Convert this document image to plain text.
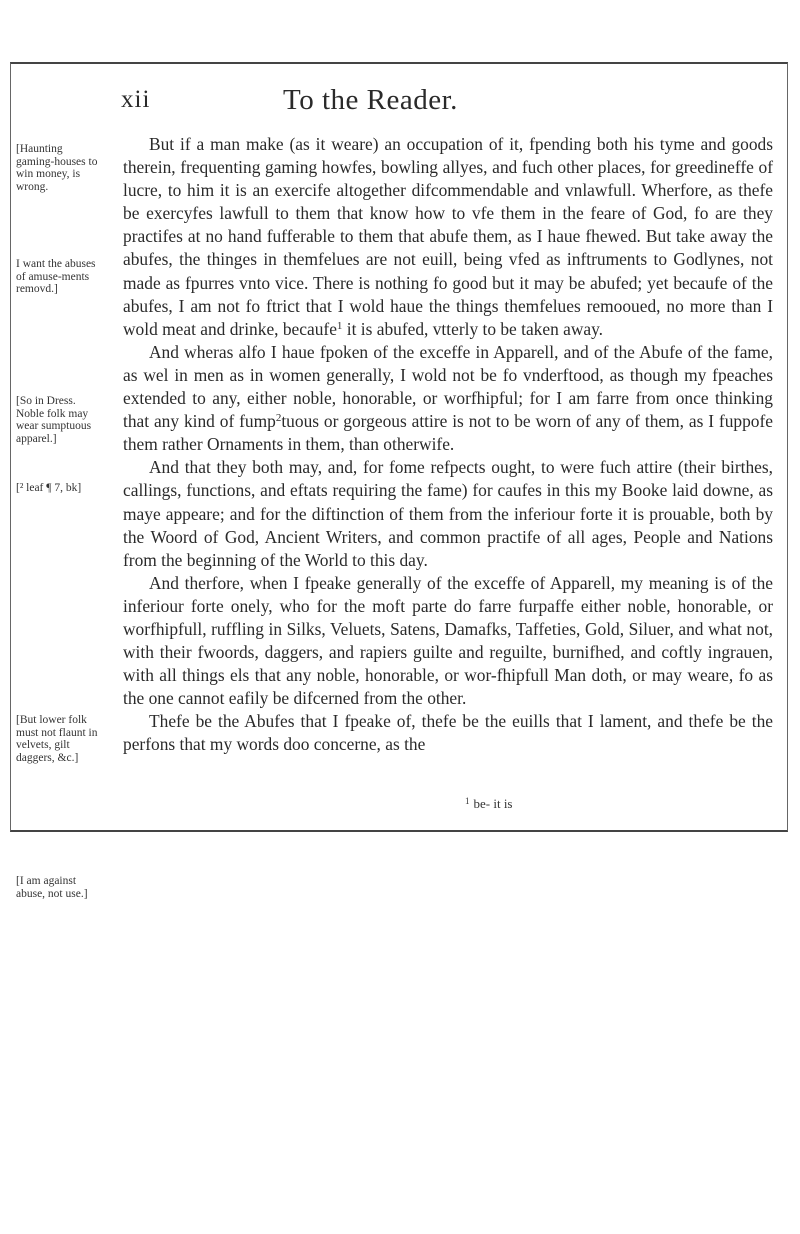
xii	To the Reader.
[Haunting gaming-houses to win money, is wrong.
I want the abuses of amuse-ments removd.]
[So in Dress. Noble folk may wear sumptuous apparel.]
[² leaf ¶ 7, bk]
[But lower folk must not flaunt in velvets, gilt daggers, &c.]
[I am against abuse, not use.]

But if a man make (as it weare) an occupation of it, fpending both his tyme and goods therein, frequenting gaming howfes, bowling allyes, and fuch other places, for greedineffe of lucre, to him it is an exercife altogether difcommendable and vnlawfull. Wherfore, as thefe be exercyfes lawfull to them that know how to vfe them in the feare of God, fo are they practifes at no hand fufferable to them that abufe them, as I haue fhewed. But take away the abufes, the thinges in themfelues are not euill, being vfed as inftruments to Godlynes, not made as fpurres vnto vice. There is nothing fo good but it may be abufed; yet becaufe of the abufes, I am not fo ftrict that I wold haue the things themfelues remooued, no more than I wold meat and drinke, becaufe$^1$ it is abufed, vtterly to be taken away.

And wheras alfo I haue fpoken of the exceffe in Apparell, and of the Abufe of the fame, as wel in men as in women generally, I wold not be fo vnderftood, as though my fpeaches extended to any, either noble, honorable, or worfhipful; for I am farre from once thinking that any kind of fump$^2$tuous or gorgeous attire is not to be worn of any of them, as I fuppofe them rather Ornaments in them, than otherwife.

And that they both may, and, for fome refpects ought, to were fuch attire (their birthes, callings, functions, and eftats requiring the fame) for caufes in this my Booke laid downe, as maye appeare; and for the diftinction of them from the inferiour forte it is prouable, both by the Woord of God, Ancient Writers, and common practife of all ages, People and Nations from the beginning of the World to this day.

And therfore, when I fpeake generally of the exceffe of Apparell, my meaning is of the inferiour forte onely, who for the moft parte do farre furpaffe either noble, honorable, or worfhipfull, ruffling in Silks, Veluets, Satens, Damafks, Taffeties, Gold, Siluer, and what not, with their fwoords, daggers, and rapiers guilte and reguilte, burnifhed, and coftly ingrauen, with all things els that any noble, honorable, or wor-fhipfull Man doth, or may weare, fo as the one cannot eafily be difcerned from the other.

Thefe be the Abufes that I fpeake of, thefe be the euills that I lament, and thefe be the perfons that my words doo concerne, as the

$^1$ be- it is
